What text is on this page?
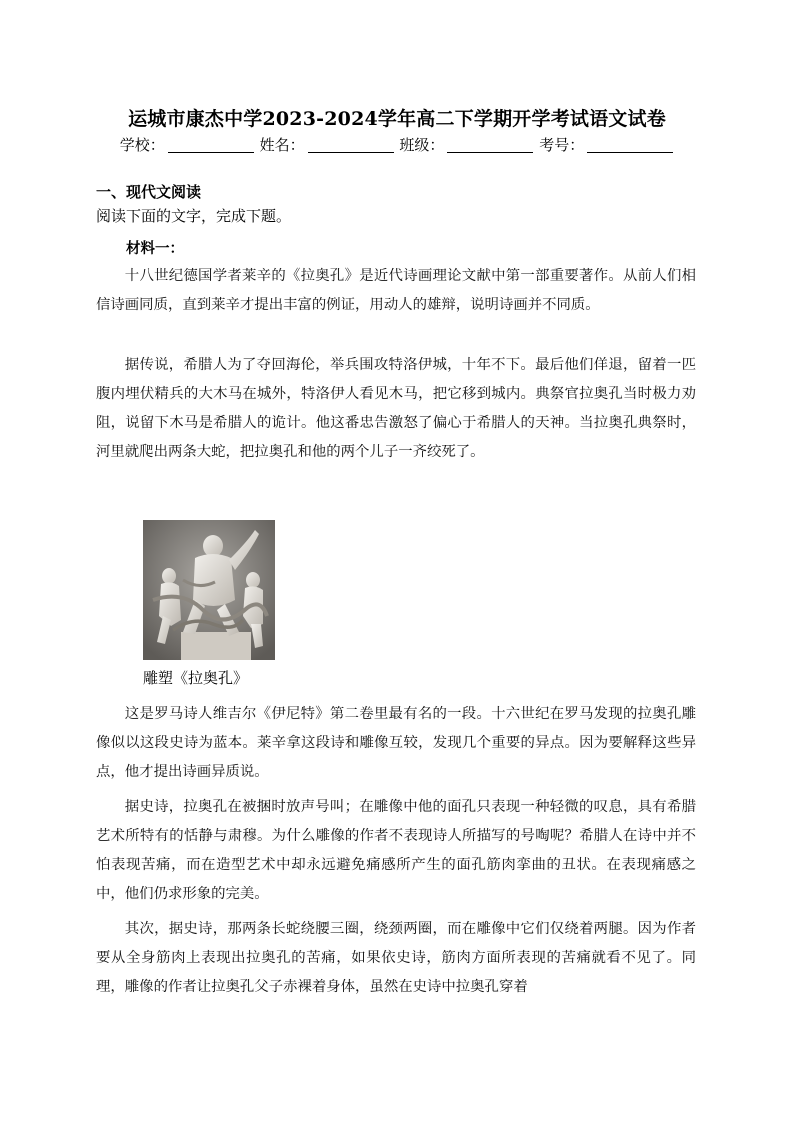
运城市康杰中学2023-2024学年高二下学期开学考试语文试卷
学校：	姓名：	班级：	考号：
一、现代文阅读
阅读下面的文字，完成下题。
材料一：

十八世纪德国学者莱辛的《拉奥孔》是近代诗画理论文献中第一部重要著作。从前人们相信诗画同质，直到莱辛才提出丰富的例证，用动人的雄辩，说明诗画并不同质。

据传说，希腊人为了夺回海伦，举兵围攻特洛伊城，十年不下。最后他们佯退，留着一匹腹内埋伏精兵的大木马在城外，特洛伊人看见木马，把它移到城内。典祭官拉奥孔当时极力劝阻，说留下木马是希腊人的诡计。他这番忠告激怒了偏心于希腊人的天神。当拉奥孔典祭时，河里就爬出两条大蛇，把拉奥孔和他的两个儿子一齐绞死了。

雕塑《拉奥孔》

这是罗马诗人维吉尔《伊尼特》第二卷里最有名的一段。十六世纪在罗马发现的拉奥孔雕像似以这段史诗为蓝本。莱辛拿这段诗和雕像互较，发现几个重要的异点。因为要解释这些异点，他才提出诗画异质说。

据史诗，拉奥孔在被捆时放声号叫；在雕像中他的面孔只表现一种轻微的叹息，具有希腊艺术所特有的恬静与肃穆。为什么雕像的作者不表现诗人所描写的号啕呢？希腊人在诗中并不怕表现苦痛，而在造型艺术中却永远避免痛感所产生的面孔筋肉挛曲的丑状。在表现痛感之中，他们仍求形象的完美。

其次，据史诗，那两条长蛇绕腰三圈，绕颈两圈，而在雕像中它们仅绕着两腿。因为作者要从全身筋肉上表现出拉奥孔的苦痛，如果依史诗，筋肉方面所表现的苦痛就看不见了。同理，雕像的作者让拉奥孔父子赤裸着身体，虽然在史诗中拉奥孔穿着
